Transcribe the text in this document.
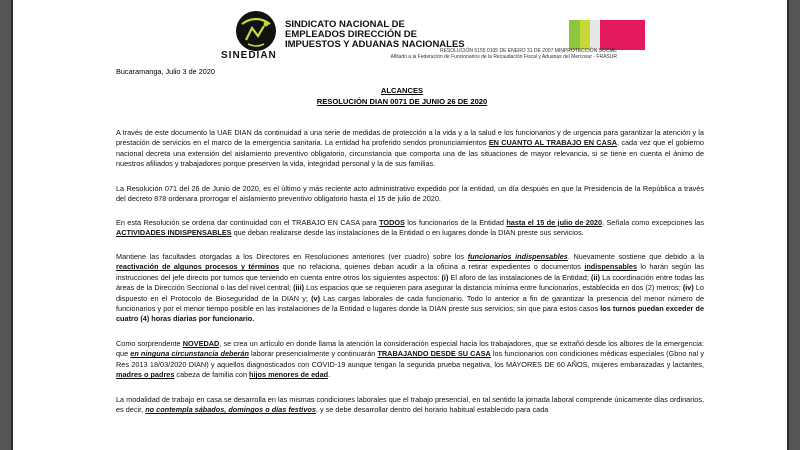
SINEDIAN
SINDICATO NACIONAL DE
EMPLEADOS DIRECCIÓN DE
IMPUESTOS Y ADUANAS NACIONALES
RESOLUCIÓN 5155 0105 DE ENERO 31 DE 2007 MINPROTECCIÓN SOCIAL
Afiliado a la Federación de Funcionarios de la Recaudación Fiscal y Aduanas del Mercosur - FRASUR
Bucaramanga, Julio 3 de 2020
ALCANCES
RESOLUCIÓN DIAN 0071 DE JUNIO 26 DE 2020

A través de este documento la UAE DIAN da continuidad a una serie de medidas de protección a la vida y a la salud e los funcionarios y de urgencia para garantizar la atención y la prestación de servicios en el marco de la emergencia sanitaria. La entidad ha proferido sendos pronunciamientos EN CUANTO AL TRABAJO EN CASA, cada vez que el gobierno nacional decreta una extensión del aislamiento preventivo obligatorio, circunstancia que comporta una de las situaciones de mayor relevancia, si se tiene en cuenta el ánimo de nuestros afiliados y trabajadores porque preserven la vida, integridad personal y la de sus familias.

La Resolución 071 del 26 de Junio de 2020, es el último y más reciente acto administrativo expedido por la entidad, un día después en que la Presidencia de la República a través del decreto 878 ordenara prorrogar el aislamiento preventivo obligatorio hasta el 15 de julio de 2020.

En esta Resolución se ordena dar continuidad con el TRABAJO EN CASA para TODOS los funcionarios de la Entidad hasta el 15 de julio de 2020, Señala como excepciones las ACTIVIDADES INDISPENSABLES que deban realizarse desde las instalaciones de la Entidad o en lugares donde la DIAN preste sus servicios.

Mantiene las facultades otorgadas a los Directores en Resoluciones anteriores (ver cuadro) sobre los funcionarios indispensables. Nuevamente sostiene que debido a la reactivación de algunos procesos y términos que no relaciona, quienes deban acudir a la oficina a retirar expedientes o documentos indispensables lo harán según las instrucciones del jefe directo por turnos que teniendo en cuenta entre otros los siguientes aspectos: (i) El aforo de las instalaciones de la Entidad; (ii) La coordinación entre todas las áreas de la Dirección Seccional o las del nivel central; (iii) Los espacios que se requieren para asegurar la distancia mínima entre funcionarios, establecida en dos (2) metros; (iv) Lo dispuesto en el Protocolo de Bioseguridad de la DIAN y; (v) Las cargas laborales de cada funcionario. Todo lo anterior a fin de garantizar la presencia del menor número de funcionarios y por el menor tiempo posible en las instalaciones de la Entidad o lugares donde la DIAN preste sus servicios; sin que para estos casos los turnos puedan exceder de cuatro (4) horas diarias por funcionario.

Como sorprendente NOVEDAD, se crea un artículo en donde llama la atención la consideración especial hacia los trabajadores, que se extrañó desde los albores de la emergencia: que en ninguna circunstancia deberán laborar presencialmente y continuarán TRABAJANDO DESDE SU CASA los funcionarios con condiciones médicas especiales (Gbno nal y Res 2013 18/03/2020 DIAN) y aquellos diagnosticados con COVID-19 aunque tengan la segunda prueba negativa, los MAYORES DE 60 AÑOS, mujeres embarazadas y lactantes, madres o padres cabeza de familia con hijos menores de edad.

La modalidad de trabajo en casa se desarrolla en las mismas condiciones laborales que el trabajo presencial, en tal sentido la jornada laboral comprende únicamente días ordinarios, es decir, no contempla sábados, domingos o días festivos, y se debe desarrollar dentro del horario habitual establecido para cada
